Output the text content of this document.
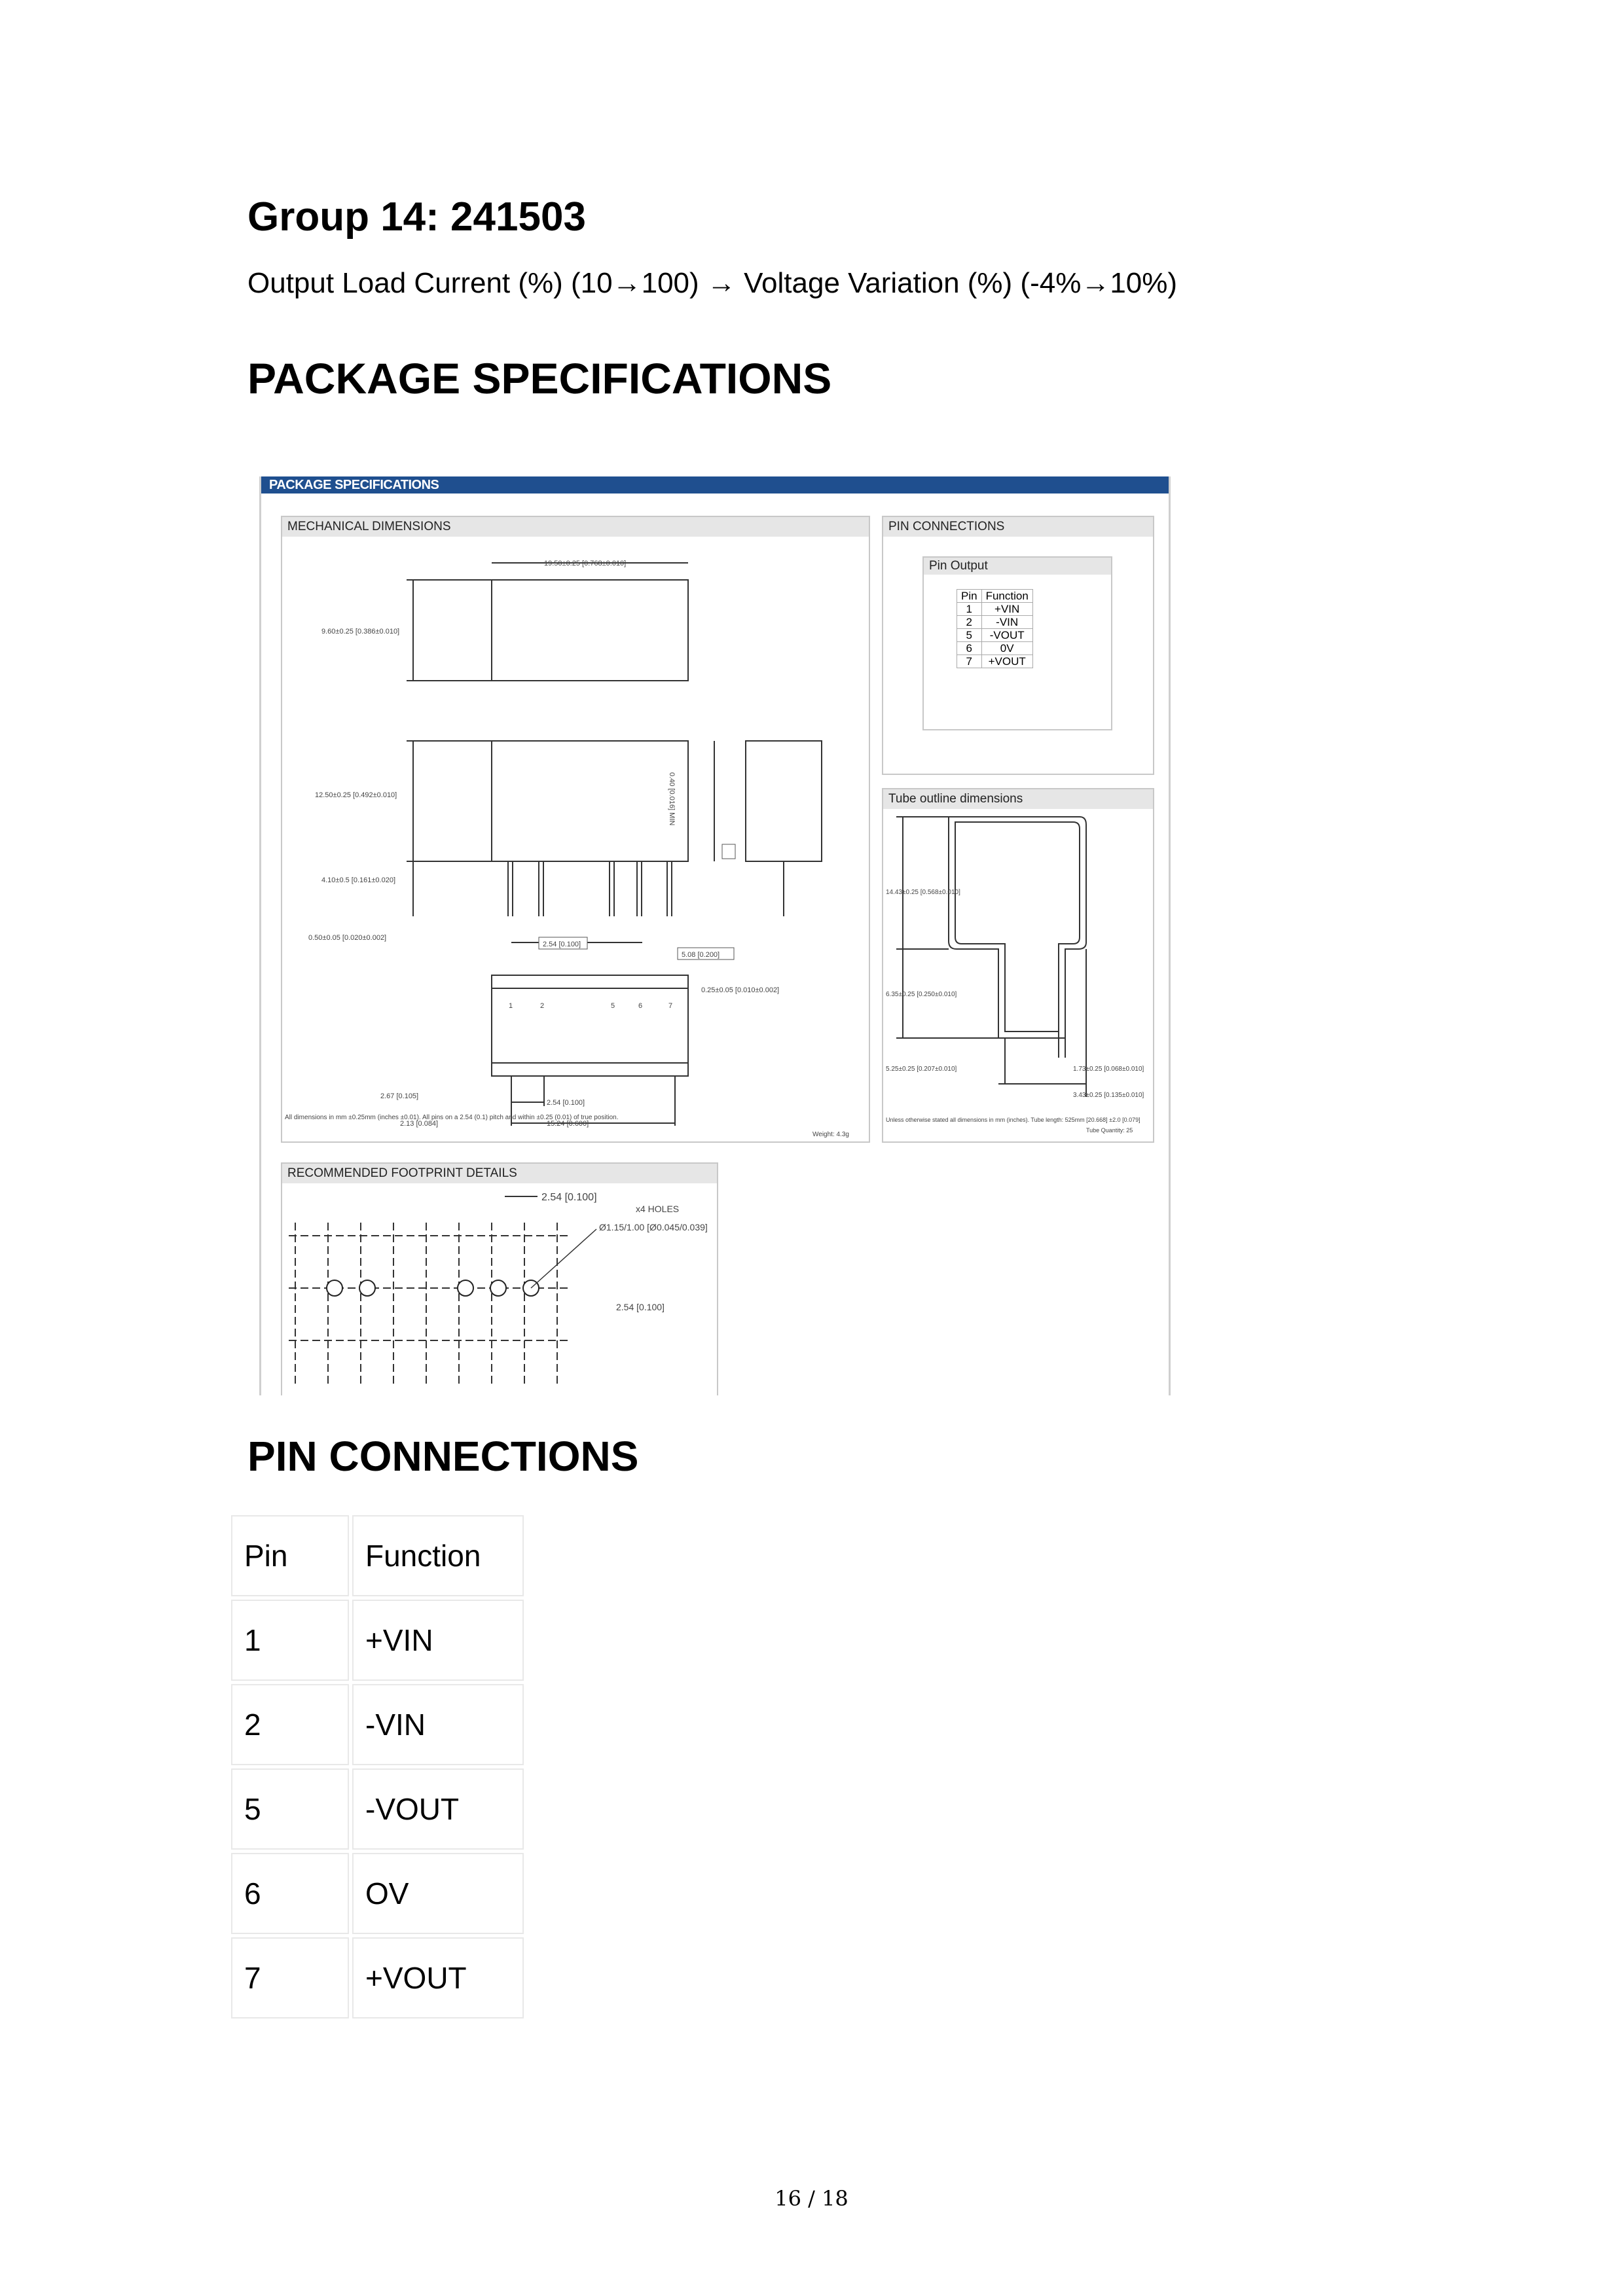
Group 14: 241503
Output Load Current (%) (10→100) → Voltage Variation (%) (-4%→10%)
PACKAGE SPECIFICATIONS
PACKAGE SPECIFICATIONS
MECHANICAL DIMENSIONS
19.50±0.25 [0.768±0.010]
9.60±0.25 [0.386±0.010]
12.50±0.25 [0.492±0.010]
4.10±0.5 [0.161±0.020]
0.50±0.05 [0.020±0.002]
2.54 [0.100]
5.08 [0.200]
0.40 [0.016] MIN
0.25±0.05 [0.010±0.002]
2.67 [0.105]
2.13 [0.084]
2.54 [0.100]
15.24 [0.600]
1	2	5	6	7
All dimensions in mm ±0.25mm (inches ±0.01). All pins on a 2.54 (0.1) pitch and within ±0.25 (0.01) of true position.
Weight: 4.3g
PIN CONNECTIONS
Pin Output
Pin	Function
1	+VIN
2	-VIN
5	-VOUT
6	0V
7	+VOUT
Tube outline dimensions
14.43±0.25 [0.568±0.010]
6.35±0.25 [0.250±0.010]
5.25±0.25 [0.207±0.010]	1.73±0.25 [0.068±0.010]
3.43±0.25 [0.135±0.010]
Unless otherwise stated all dimensions in mm (inches). Tube length: 525mm [20.668] ±2.0 [0.079]
Tube Quantity: 25
RECOMMENDED FOOTPRINT DETAILS
2.54 [0.100]
x4 HOLES
Ø1.15/1.00 [Ø0.045/0.039]
2.54 [0.100]
PIN CONNECTIONS
Pin	Function
1	+VIN
2	-VIN
5	-VOUT
6	OV
7	+VOUT
16 / 18
